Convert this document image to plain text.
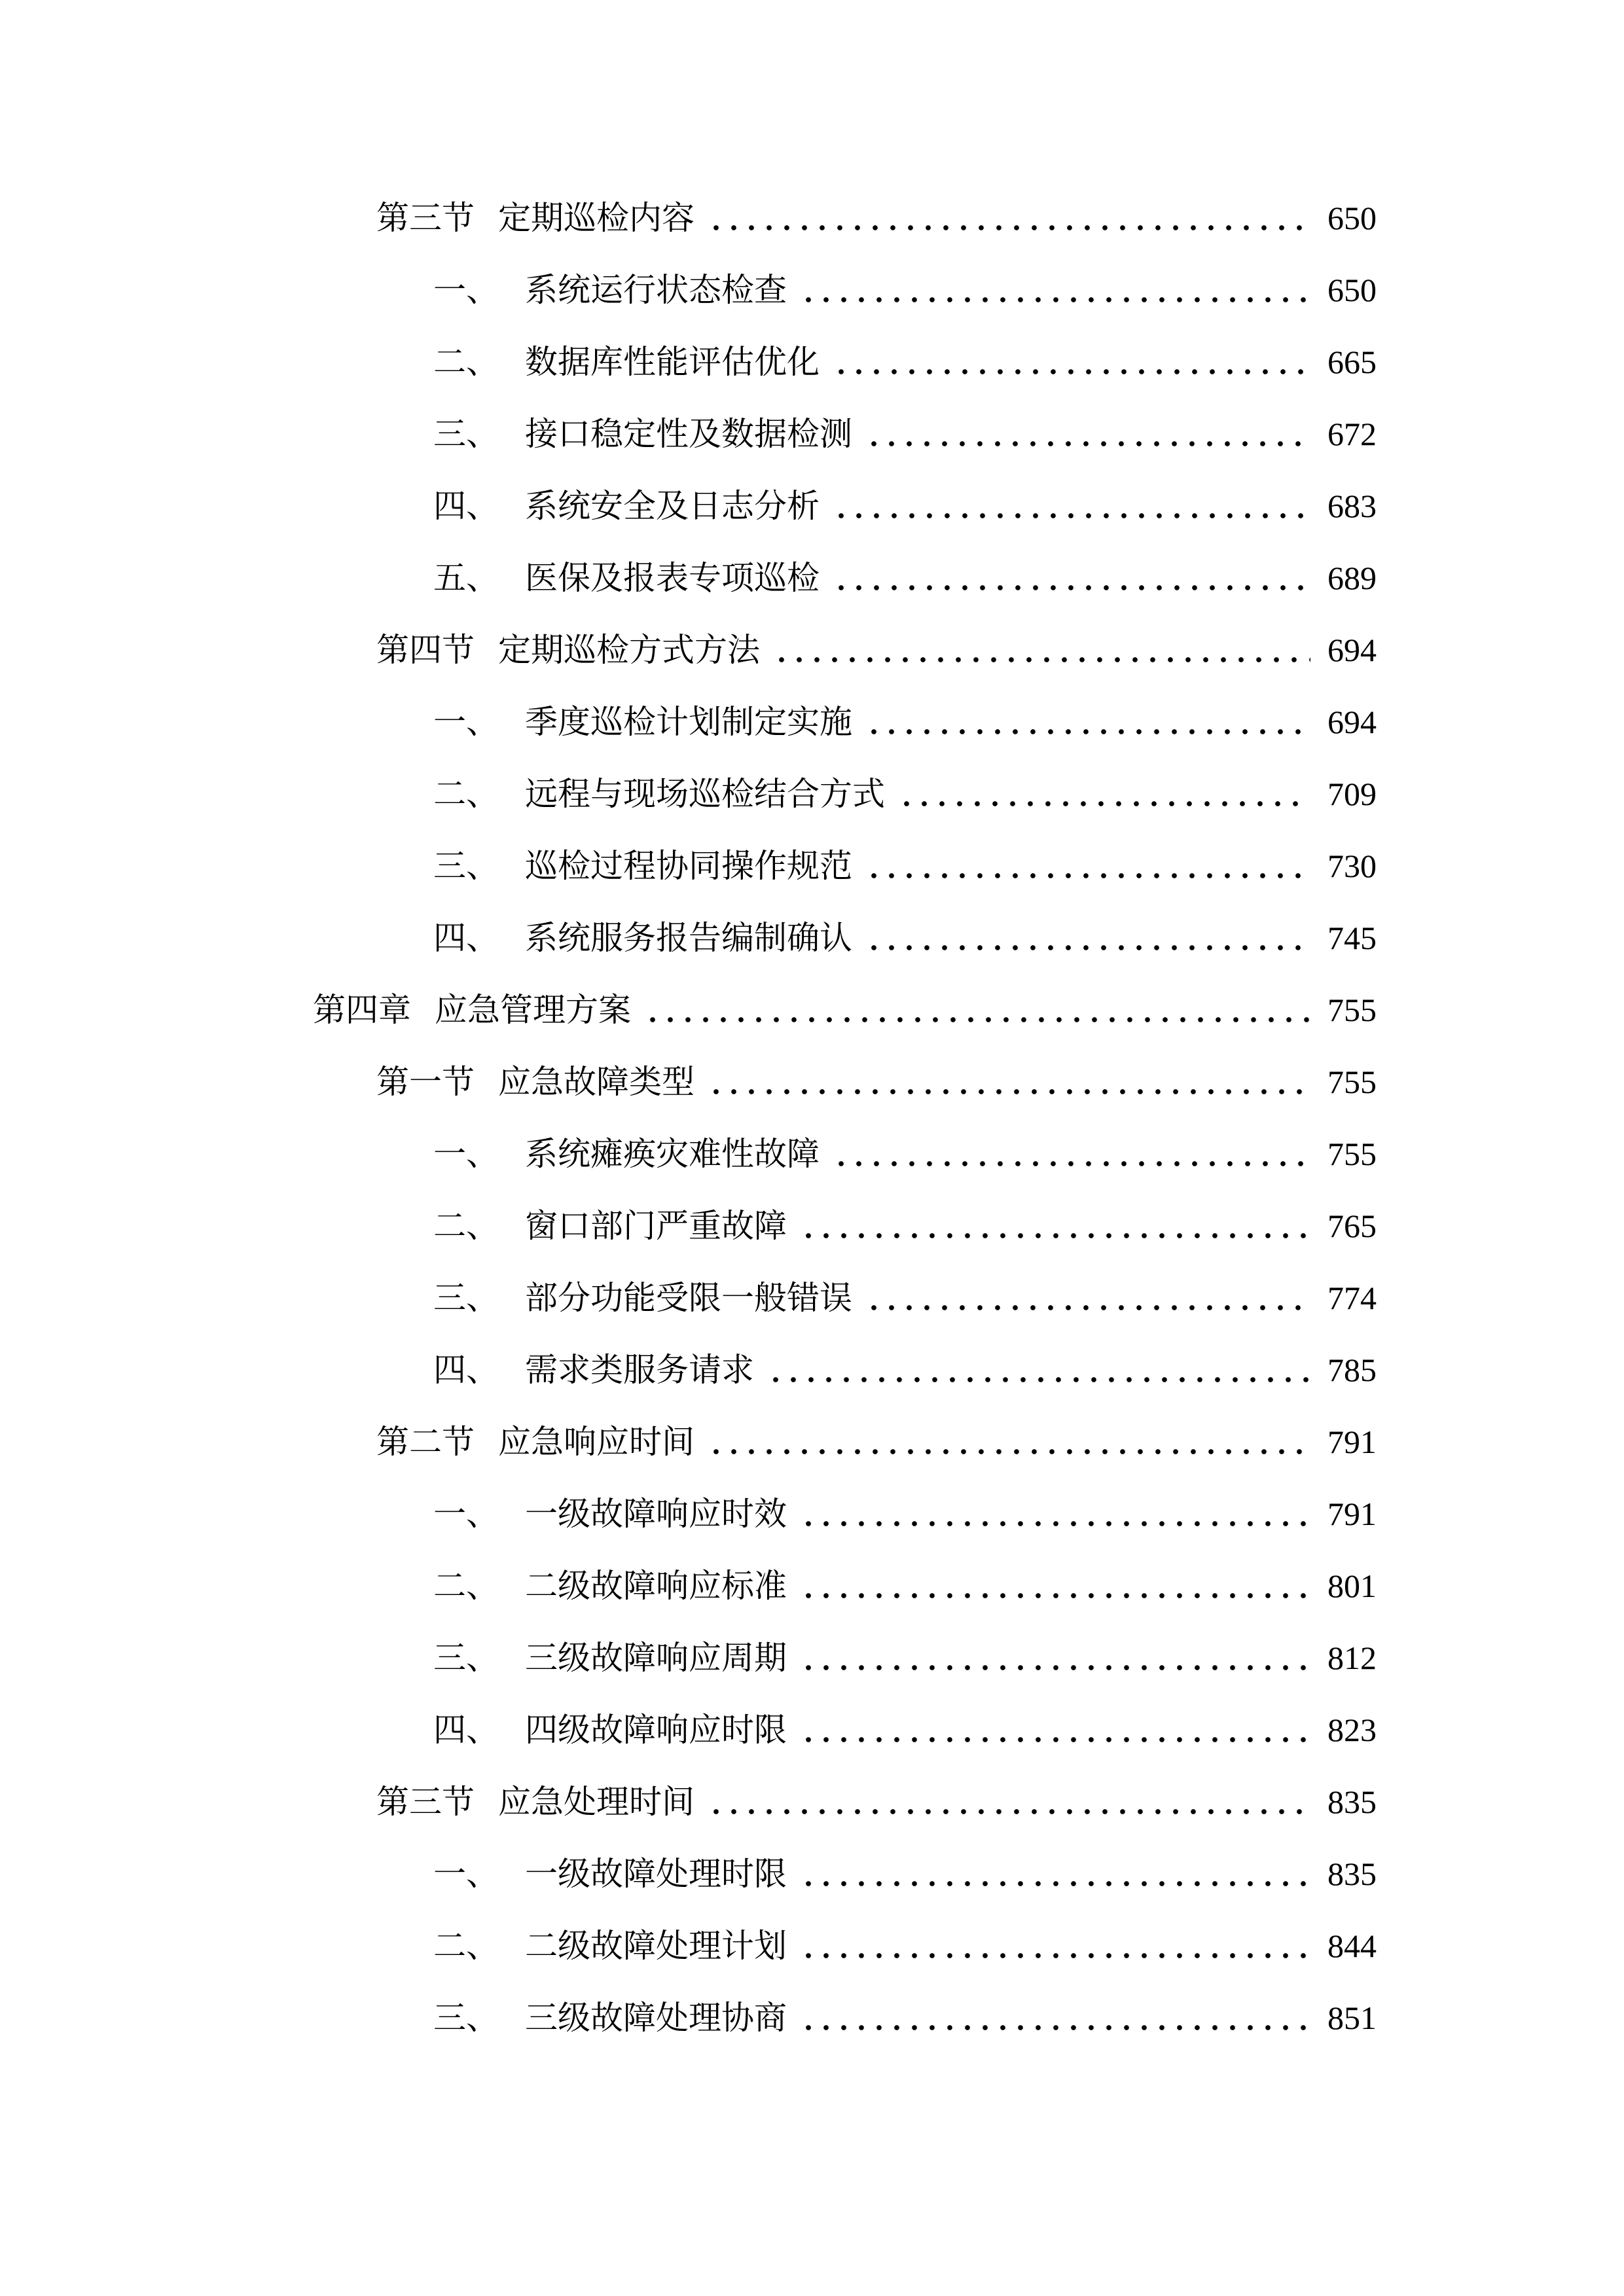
第三节 定期巡检内容	650
一、 系统运行状态检查	650
二、 数据库性能评估优化	665
三、 接口稳定性及数据检测	672
四、 系统安全及日志分析	683
五、 医保及报表专项巡检	689
第四节 定期巡检方式方法	694
一、 季度巡检计划制定实施	694
二、 远程与现场巡检结合方式	709
三、 巡检过程协同操作规范	730
四、 系统服务报告编制确认	745
第四章 应急管理方案	755
第一节 应急故障类型	755
一、 系统瘫痪灾难性故障	755
二、 窗口部门严重故障	765
三、 部分功能受限一般错误	774
四、 需求类服务请求	785
第二节 应急响应时间	791
一、 一级故障响应时效	791
二、 二级故障响应标准	801
三、 三级故障响应周期	812
四、 四级故障响应时限	823
第三节 应急处理时间	835
一、 一级故障处理时限	835
二、 二级故障处理计划	844
三、 三级故障处理协商	851
